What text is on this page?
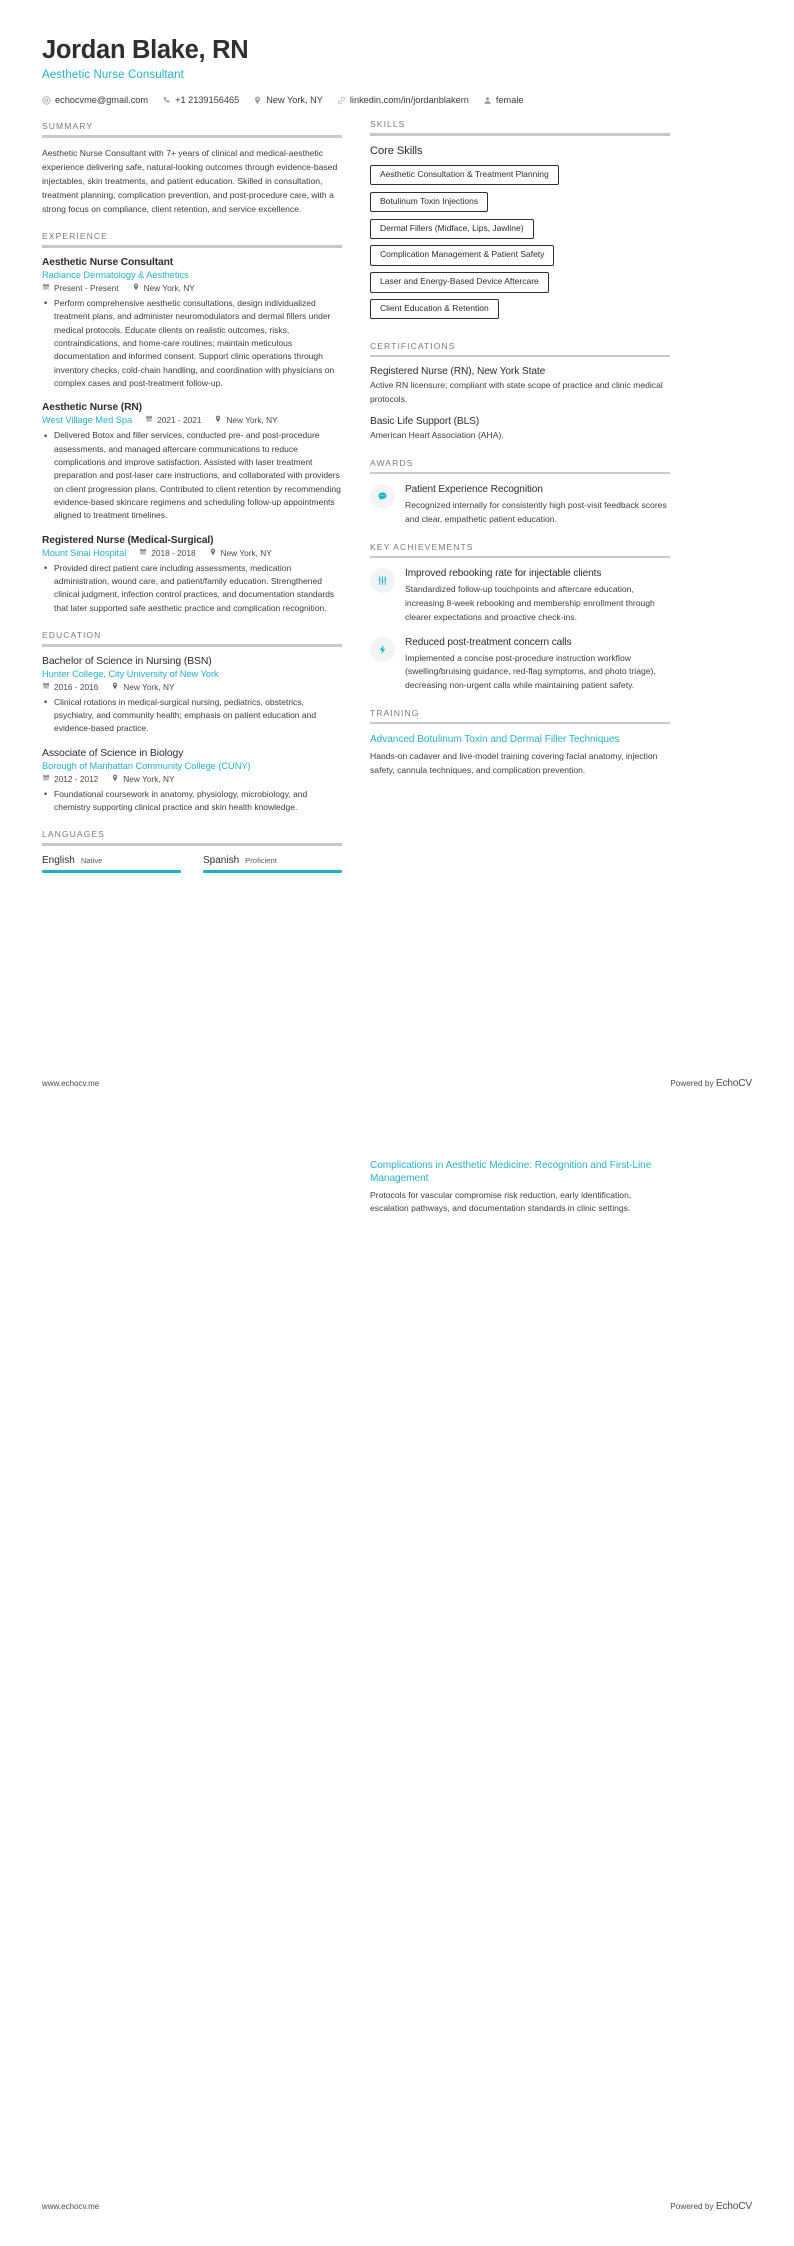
Jordan Blake, RN
Aesthetic Nurse Consultant
echocvme@gmail.com	+1 2139156465	New York, NY	linkedin.com/in/jordanblakern	female
SUMMARY
Aesthetic Nurse Consultant with 7+ years of clinical and medical-aesthetic experience delivering safe, natural-looking outcomes through evidence-based injectables, skin treatments, and patient education. Skilled in consultation, treatment planning, complication prevention, and post-procedure care, with a strong focus on compliance, client retention, and service excellence.
EXPERIENCE
Aesthetic Nurse Consultant
Radiance Dermatology & Aesthetics
Present - Present	New York, NY
• Perform comprehensive aesthetic consultations, design individualized treatment plans, and administer neuromodulators and dermal fillers under medical protocols. Educate clients on realistic outcomes, risks, contraindications, and home-care routines; maintain meticulous documentation and informed consent. Support clinic operations through inventory checks, cold-chain handling, and coordination with physicians on complex cases and post-treatment follow-up.
Aesthetic Nurse (RN)
West Village Med Spa	2021 - 2021	New York, NY
• Delivered Botox and filler services, conducted pre- and post-procedure assessments, and managed aftercare communications to reduce complications and improve satisfaction. Assisted with laser treatment preparation and post-laser care instructions, and collaborated with providers on client progression plans. Contributed to client retention by recommending evidence-based skincare regimens and scheduling follow-up appointments aligned to treatment timelines.
Registered Nurse (Medical-Surgical)
Mount Sinai Hospital	2018 - 2018	New York, NY
• Provided direct patient care including assessments, medication administration, wound care, and patient/family education. Strengthened clinical judgment, infection control practices, and documentation standards that later supported safe aesthetic practice and complication recognition.
EDUCATION
Bachelor of Science in Nursing (BSN)
Hunter College, City University of New York
2016 - 2016	New York, NY
• Clinical rotations in medical-surgical nursing, pediatrics, obstetrics, psychiatry, and community health; emphasis on patient education and evidence-based practice.
Associate of Science in Biology
Borough of Manhattan Community College (CUNY)
2012 - 2012	New York, NY
• Foundational coursework in anatomy, physiology, microbiology, and chemistry supporting clinical practice and skin health knowledge.
LANGUAGES
English Native	Spanish Proficient
SKILLS
Core Skills
Aesthetic Consultation & Treatment Planning
Botulinum Toxin Injections
Dermal Fillers (Midface, Lips, Jawline)
Complication Management & Patient Safety
Laser and Energy-Based Device Aftercare
Client Education & Retention
CERTIFICATIONS
Registered Nurse (RN), New York State
Active RN licensure; compliant with state scope of practice and clinic medical protocols.
Basic Life Support (BLS)
American Heart Association (AHA).
AWARDS
Patient Experience Recognition
Recognized internally for consistently high post-visit feedback scores and clear, empathetic patient education.
KEY ACHIEVEMENTS
Improved rebooking rate for injectable clients
Standardized follow-up touchpoints and aftercare education, increasing 8-week rebooking and membership enrollment through clearer expectations and proactive check-ins.
Reduced post-treatment concern calls
Implemented a concise post-procedure instruction workflow (swelling/bruising guidance, red-flag symptoms, and photo triage), decreasing non-urgent calls while maintaining patient safety.
TRAINING
Advanced Botulinum Toxin and Dermal Filler Techniques
Hands-on cadaver and live-model training covering facial anatomy, injection safety, cannula techniques, and complication prevention.
www.echocv.me	Powered by EchoCV
Complications in Aesthetic Medicine: Recognition and First-Line Management
Protocols for vascular compromise risk reduction, early identification, escalation pathways, and documentation standards in clinic settings.
www.echocv.me	Powered by EchoCV
